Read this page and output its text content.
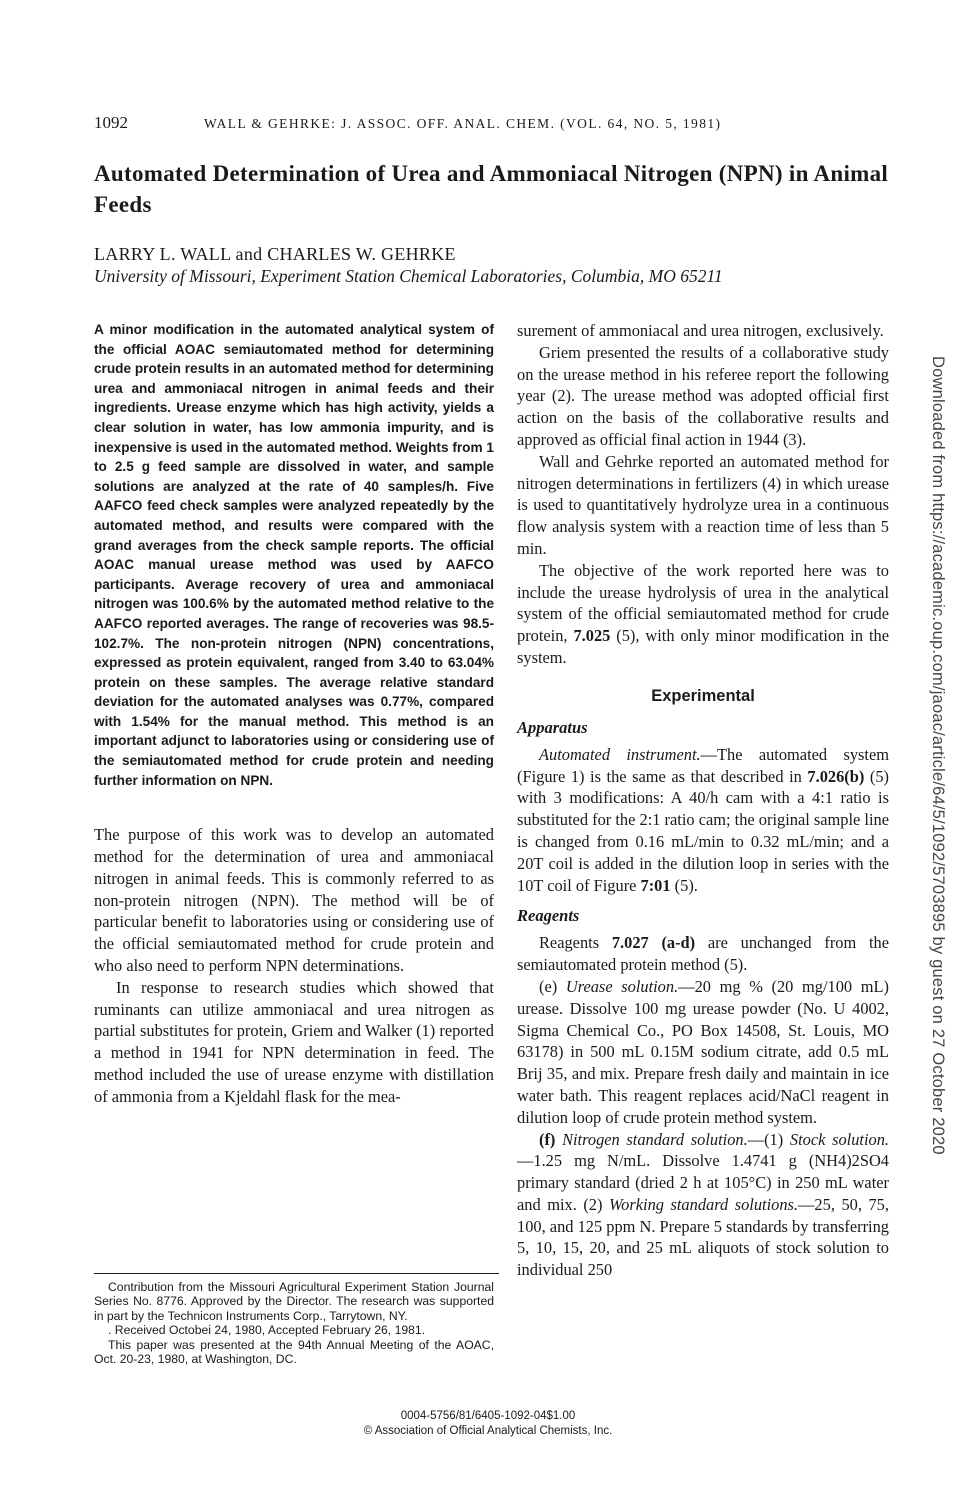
1092	WALL & GEHRKE: J. ASSOC. OFF. ANAL. CHEM. (VOL. 64, NO. 5, 1981)
Automated Determination of Urea and Ammoniacal Nitrogen (NPN) in Animal Feeds
LARRY L. WALL and CHARLES W. GEHRKE
University of Missouri, Experiment Station Chemical Laboratories, Columbia, MO 65211

A minor modification in the automated analytical system of the official AOAC semiautomated method for determining crude protein results in an automated method for determining urea and ammoniacal nitrogen in animal feeds and their ingredients. Urease enzyme which has high activity, yields a clear solution in water, has low ammonia impurity, and is inexpensive is used in the automated method. Weights from 1 to 2.5 g feed sample are dissolved in water, and sample solutions are analyzed at the rate of 40 samples/h. Five AAFCO feed check samples were analyzed repeatedly by the automated method, and results were compared with the grand averages from the check sample reports. The official AOAC manual urease method was used by AAFCO participants. Average recovery of urea and ammoniacal nitrogen was 100.6% by the automated method relative to the AAFCO reported averages. The range of recoveries was 98.5-102.7%. The non-protein nitrogen (NPN) concentrations, expressed as protein equivalent, ranged from 3.40 to 63.04% protein on these samples. The average relative standard deviation for the automated analyses was 0.77%, compared with 1.54% for the manual method. This method is an important adjunct to laboratories using or considering use of the semiautomated method for crude protein and needing further information on NPN.

The purpose of this work was to develop an automated method for the determination of urea and ammoniacal nitrogen in animal feeds. This is commonly referred to as non-protein nitrogen (NPN). The method will be of particular benefit to laboratories using or considering use of the official semiautomated method for crude protein and who also need to perform NPN determinations.

In response to research studies which showed that ruminants can utilize ammoniacal and urea nitrogen as partial substitutes for protein, Griem and Walker (1) reported a method in 1941 for NPN determination in feed. The method included the use of urease enzyme with distillation of ammonia from a Kjeldahl flask for the mea-

surement of ammoniacal and urea nitrogen, exclusively.

Griem presented the results of a collaborative study on the urease method in his referee report the following year (2). The urease method was adopted official first action on the basis of the collaborative results and approved as official final action in 1944 (3).

Wall and Gehrke reported an automated method for nitrogen determinations in fertilizers (4) in which urease is used to quantitatively hydrolyze urea in a continuous flow analysis system with a reaction time of less than 5 min.

The objective of the work reported here was to include the urease hydrolysis of urea in the analytical system of the official semiautomated method for crude protein, 7.025 (5), with only minor modification in the system.

Experimental
Apparatus

Automated instrument.—The automated system (Figure 1) is the same as that described in 7.026(b) (5) with 3 modifications: A 40/h cam with a 4:1 ratio is substituted for the 2:1 ratio cam; the original sample line is changed from 0.16 mL/min to 0.32 mL/min; and a 20T coil is added in the dilution loop in series with the 10T coil of Figure 7:01 (5).

Reagents

Reagents 7.027 (a-d) are unchanged from the semiautomated protein method (5).

(e) Urease solution.—20 mg % (20 mg/100 mL) urease. Dissolve 100 mg urease powder (No. U 4002, Sigma Chemical Co., PO Box 14508, St. Louis, MO 63178) in 500 mL 0.15M sodium citrate, add 0.5 mL Brij 35, and mix. Prepare fresh daily and maintain in ice water bath. This reagent replaces acid/NaCl reagent in dilution loop of crude protein method system.

(f) Nitrogen standard solution.—(1) Stock solution.—1.25 mg N/mL. Dissolve 1.4741 g (NH4)2SO4 primary standard (dried 2 h at 105°C) in 250 mL water and mix. (2) Working standard solutions.—25, 50, 75, 100, and 125 ppm N. Prepare 5 standards by transferring 5, 10, 15, 20, and 25 mL aliquots of stock solution to individual 250

Contribution from the Missouri Agricultural Experiment Station Journal Series No. 8776. Approved by the Director. The research was supported in part by the Technicon Instruments Corp., Tarrytown, NY.

. Received Octobei 24, 1980, Accepted February 26, 1981.

This paper was presented at the 94th Annual Meeting of the AOAC, Oct. 20-23, 1980, at Washington, DC.

0004-5756/81/6405-1092-04$1.00
© Association of Official Analytical Chemists, Inc.
Downloaded from https://academic.oup.com/jaoac/article/64/5/1092/5703895 by guest on 27 October 2020
